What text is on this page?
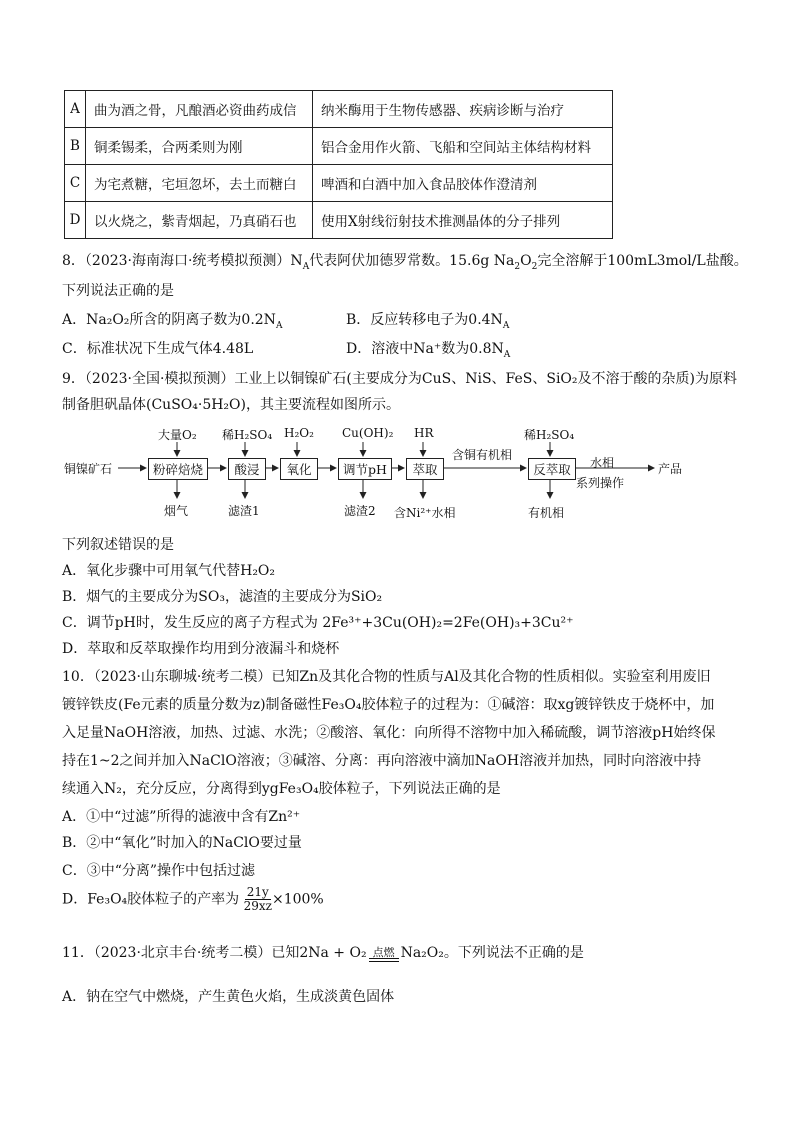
A	曲为酒之骨，凡酿酒必资曲药成信	纳米酶用于生物传感器、疾病诊断与治疗
B	铜柔锡柔，合两柔则为刚	铝合金用作火箭、飞船和空间站主体结构材料
C	为宅煮糖，宅垣忽坏，去土而糖白	啤酒和白酒中加入食品胶体作澄清剂
D	以火烧之，紫青烟起，乃真硝石也	使用X射线衍射技术推测晶体的分子排列
8．（2023·海南海口·统考模拟预测）$N_A$代表阿伏加德罗常数。15.6g $Na_2O_2$完全溶解于100mL3mol/L盐酸。
下列说法正确的是
A．Na₂O₂所含的阴离子数为$0.2N_A$	B．反应转移电子为$0.4N_A$
C．标准状况下生成气体4.48L	D．溶液中Na⁺数为$0.8N_A$
9．（2023·全国·模拟预测）工业上以铜镍矿石(主要成分为CuS、NiS、FeS、SiO₂及不溶于酸的杂质)为原料
制备胆矾晶体(CuSO₄·5H₂O)，其主要流程如图所示。
铜镍矿石	粉碎焙烧	酸浸	氧化	调节pH	萃取	反萃取
大量O₂ 稀H₂SO₄ H₂O₂ Cu(OH)₂ HR	稀H₂SO₄
烟气	滤渣1	滤渣2 含Ni²⁺水相	有机相
含铜有机相
水相
系列操作
产品
下列叙述错误的是
A．氧化步骤中可用氧气代替H₂O₂
B．烟气的主要成分为SO₃，滤渣的主要成分为SiO₂
C．调节pH时，发生反应的离子方程式为 2Fe³⁺+3Cu(OH)₂=2Fe(OH)₃+3Cu²⁺
D．萃取和反萃取操作均用到分液漏斗和烧杯
10．（2023·山东聊城·统考二模）已知Zn及其化合物的性质与Al及其化合物的性质相似。实验室利用废旧
镀锌铁皮(Fe元素的质量分数为z)制备磁性Fe₃O₄胶体粒子的过程为：①碱溶：取xg镀锌铁皮于烧杯中，加
入足量NaOH溶液，加热、过滤、水洗；②酸溶、氧化：向所得不溶物中加入稀硫酸，调节溶液pH始终保
持在1~2之间并加入NaClO溶液；③碱溶、分离：再向溶液中滴加NaOH溶液并加热，同时向溶液中持
续通入N₂，充分反应，分离得到ygFe₃O₄胶体粒子，下列说法正确的是
A．①中“过滤”所得的滤液中含有Zn²⁺
B．②中“氧化”时加入的NaClO要过量
C．③中“分离”操作中包括过滤
D．Fe₃O₄胶体粒子的产率为 $\frac{21y}{29xz} \times 100\%$
11．（2023·北京丰台·统考二模）已知2Na + O₂ 点燃 Na₂O₂。下列说法不正确的是
A．钠在空气中燃烧，产生黄色火焰，生成淡黄色固体
